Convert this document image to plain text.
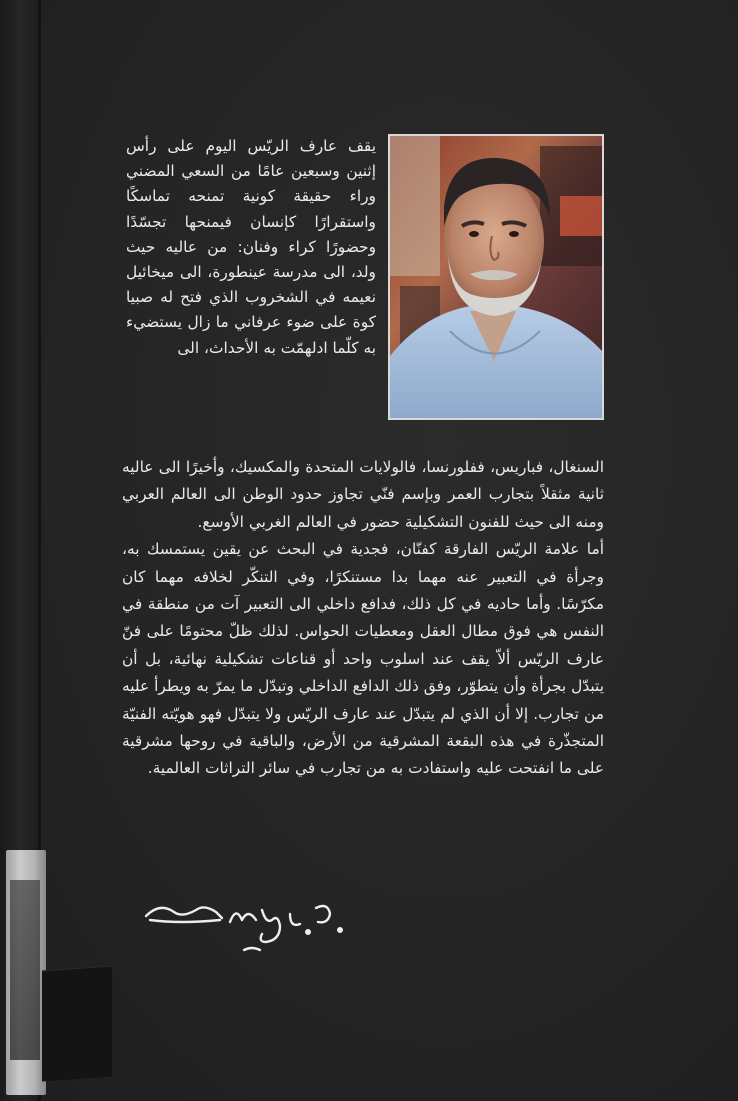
يقف عارف الريّس اليوم على رأس إثنين وسبعين عامًا من السعي المضني وراء حقيقة كونية تمنحه تماسكًا واستقرارًا كإنسان فيمنحها تجسّدًا وحضورًا كراء وفنان: من عاليه حيث ولد، الى مدرسة عينطورة، الى ميخائيل نعيمه في الشخروب الذي فتح له صبيا كوة على ضوء عرفاني ما زال يستضيء به كلّما ادلهمّت به الأحداث، الى

السنغال، فباريس، ففلورنسا، فالولايات المتحدة والمكسيك، وأخيرًا الى عاليه ثانية مثقلاً بتجارب العمر وبإسم فنّي تجاوز حدود الوطن الى العالم العربي ومنه الى حيث للفنون التشكيلية حضور في العالم الغربي الأوسع.

أما علامة الريّس الفارقة كفنّان، فجدية في البحث عن يقين يستمسك به، وجرأة في التعبير عنه مهما بدا مستنكرًا، وفي التنكّر لخلافه مهما كان مكرّسًا. وأما حاديه في كل ذلك، فدافع داخلي الى التعبير آت من منطقة في النفس هي فوق مطال العقل ومعطيات الحواس. لذلك ظلّ محتومًا على فنّ عارف الريّس ألاّ يقف عند اسلوب واحد أو قناعات تشكيلية نهائية، بل أن يتبدّل بجرأة وأن يتطوّر، وفق ذلك الدافع الداخلي وتبدّل ما يمرّ به ويطرأ عليه من تجارب. إلا أن الذي لم يتبدّل عند عارف الريّس ولا يتبدّل فهو هويّته الفنيّة المتجذّرة في هذه البقعة المشرقية من الأرض، والباقية في روحها مشرقية على ما انفتحت عليه واستفادت به من تجارب في سائر التراثات العالمية.
